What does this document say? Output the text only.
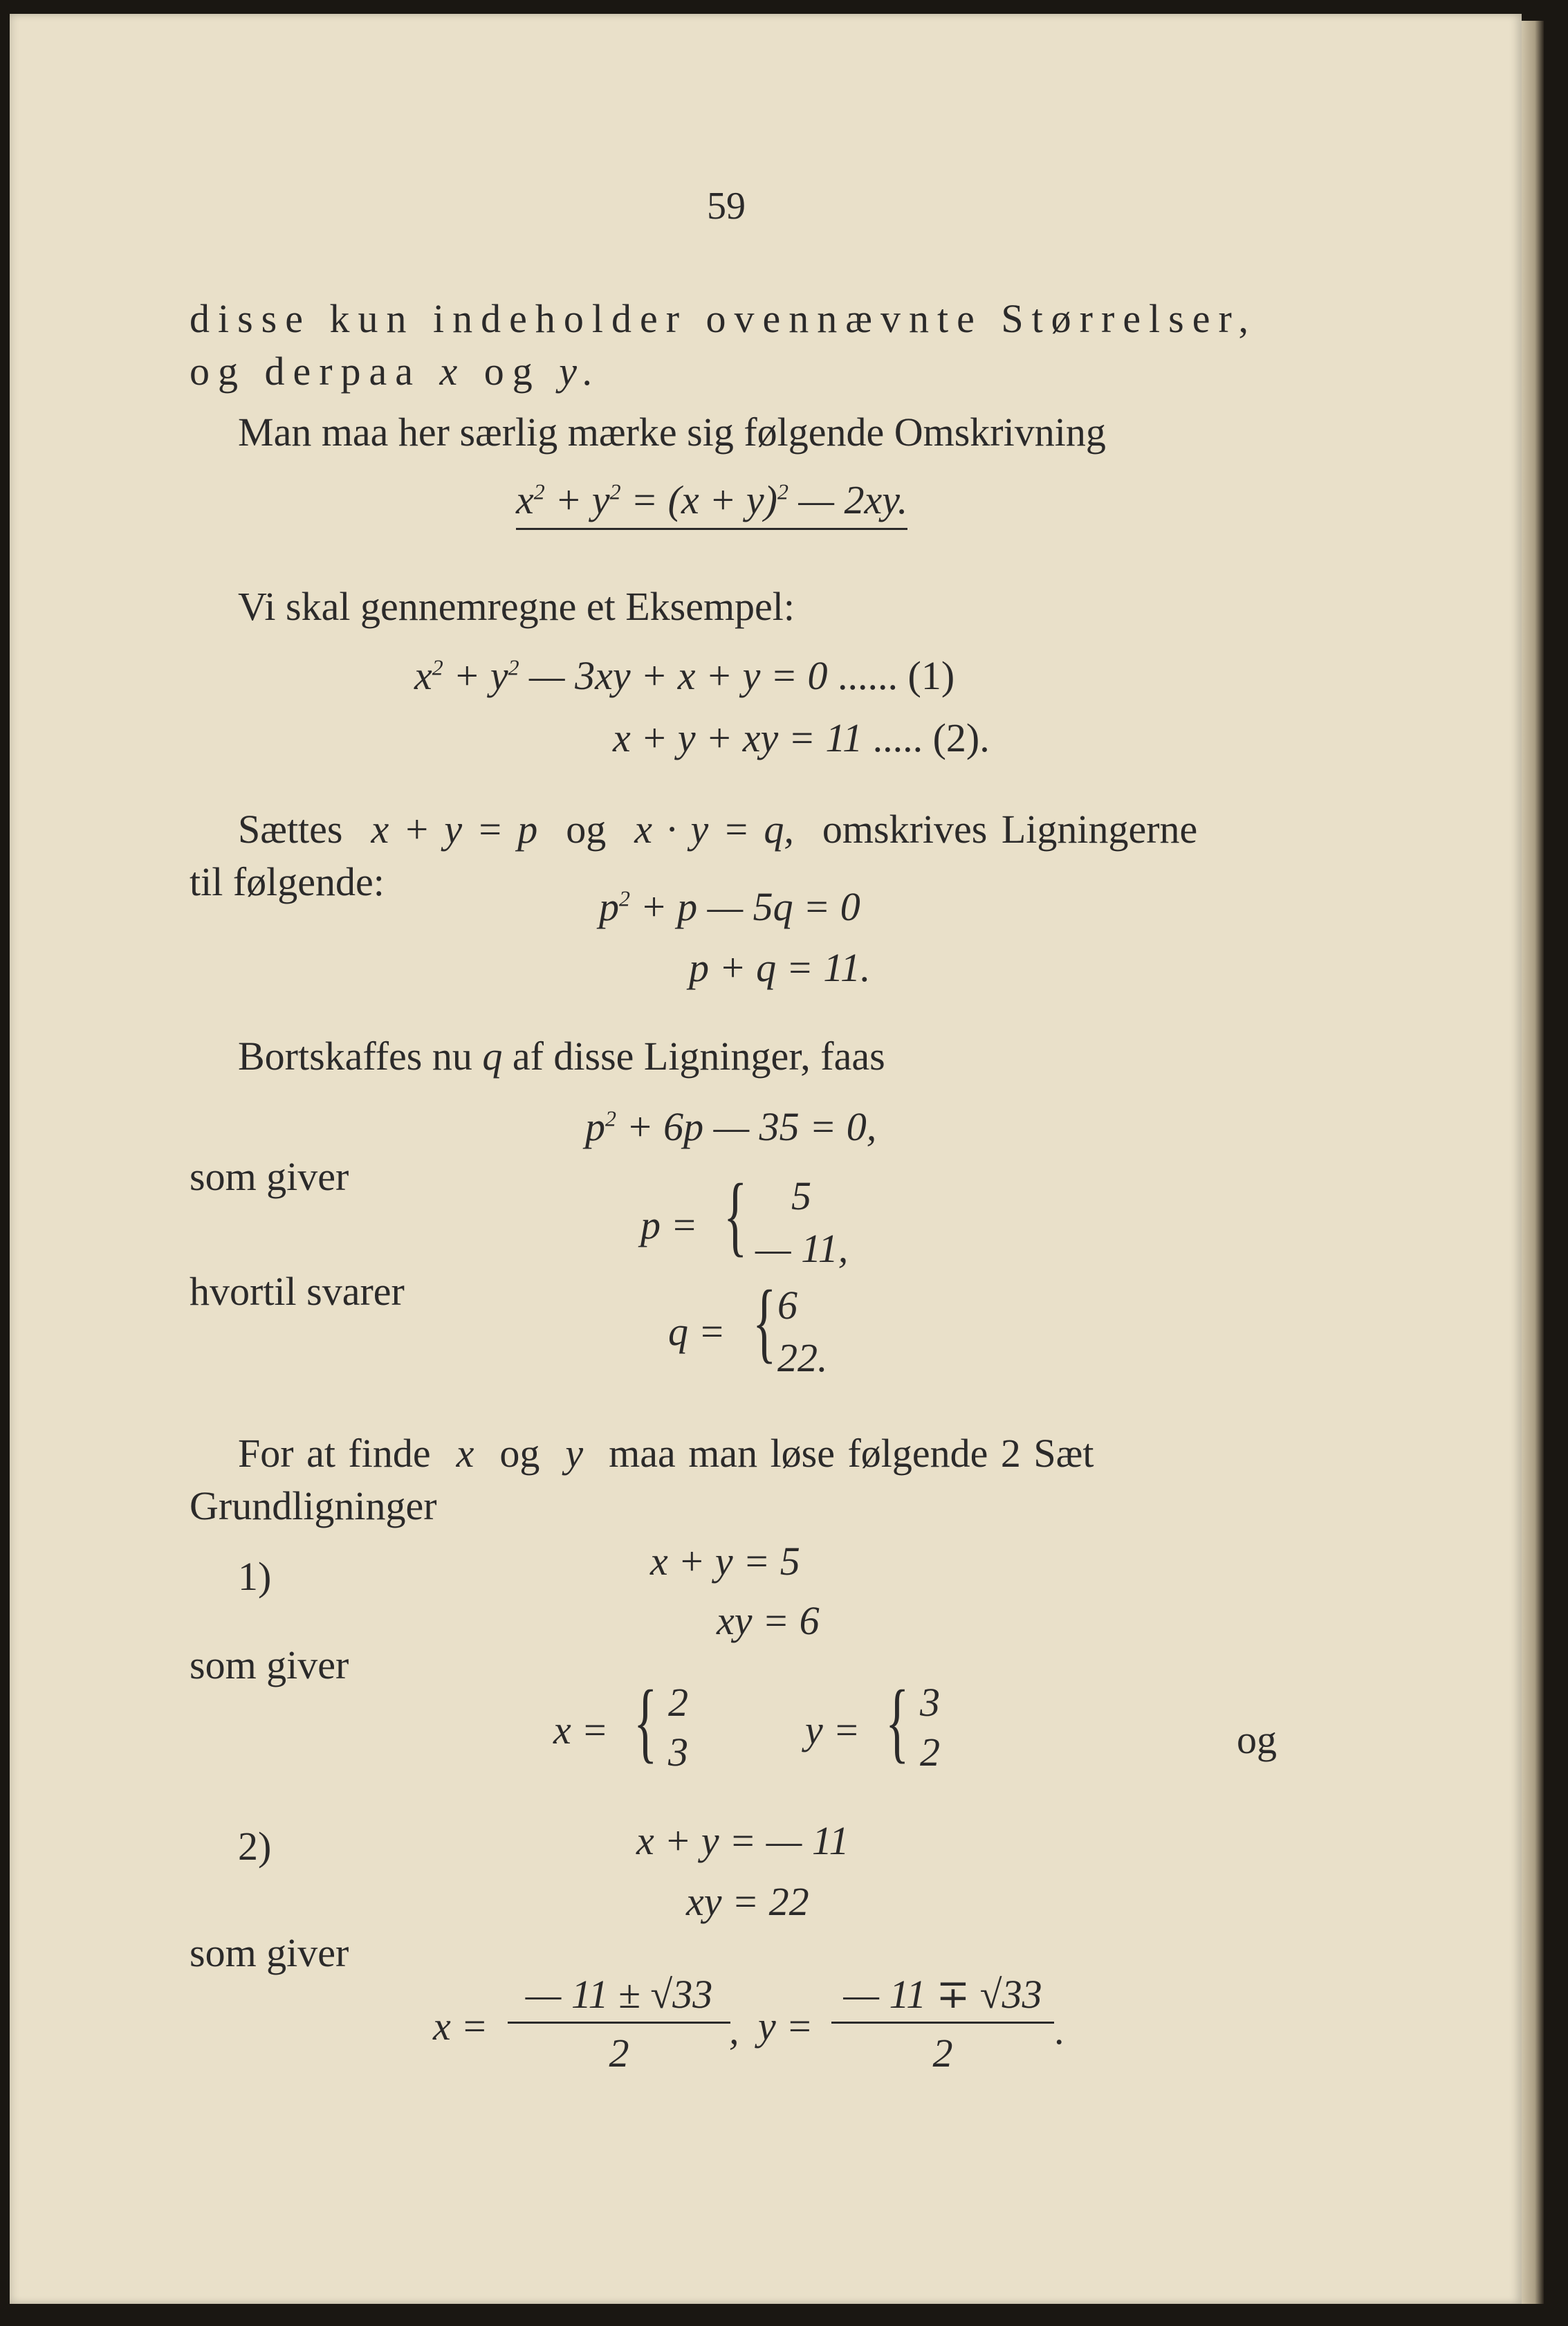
59
disse kun indeholder ovennævnte Størrelser,
og derpaa x og y.
Man maa her særlig mærke sig følgende Omskrivning
$x^2 + y^2 = (x + y)^2$ — 2xy.
Vi skal gennemregne et Eksempel:
$x^2 + y^2$ — 3xy + x + y = 0 ...... (1)
x + y + xy = 11 ..... (2).
Sættes x + y = p og x · y = q, omskrives Ligningerne
til følgende:
$p^2 + p$ — 5q = 0
p + q = 11.
Bortskaffes nu q af disse Ligninger, faas
$p^2 + 6p$ — 35 = 0,
som giver
p = { 5
— 11,
hvortil svarer
q = { 6
22.
For at finde x og y maa man løse følgende 2 Sæt
Grundligninger
1)	x + y = 5
xy = 6
som giver
x = { 2
3	y = { 3
2	og
2)	x + y = — 11
xy = 22
som giver
$x = \frac{— 11 \pm √33}{2}$
, $y = \frac{— 11 \mp √33}{2}$ .
